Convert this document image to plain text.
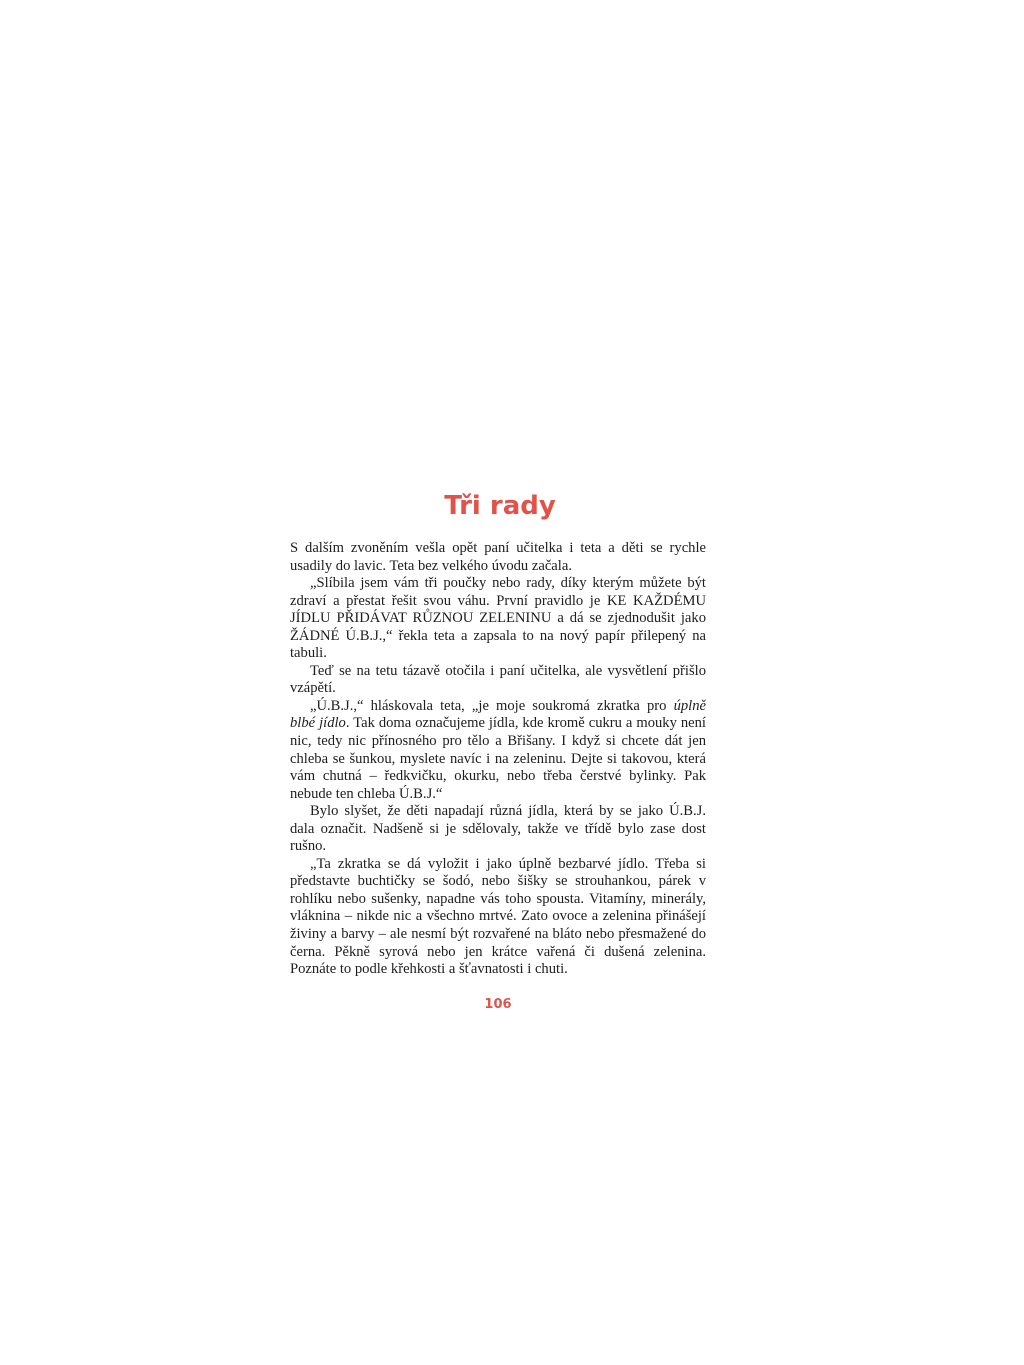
Tři rady

S dalším zvoněním vešla opět paní učitelka i teta a děti se rychle usadily do lavic. Teta bez velkého úvodu začala.

„Slíbila jsem vám tři poučky nebo rady, díky kterým můžete být zdraví a přestat řešit svou váhu. První pravidlo je KE KAŽDÉMU JÍDLU PŘIDÁVAT RŮZNOU ZELENINU a dá se zjednodušit jako ŽÁDNÉ Ú.B.J.,“ řekla teta a zapsala to na nový papír přilepený na tabuli.

Teď se na tetu tázavě otočila i paní učitelka, ale vysvětlení přišlo vzápětí.

„Ú.B.J.,“ hláskovala teta, „je moje soukromá zkratka pro úplně blbé jídlo. Tak doma označujeme jídla, kde kromě cukru a mouky není nic, tedy nic přínosného pro tělo a Břišany. I když si chcete dát jen chleba se šunkou, myslete navíc i na zeleninu. Dejte si takovou, která vám chutná – ředkvičku, okurku, nebo třeba čerstvé bylinky. Pak nebude ten chleba Ú.B.J.“

Bylo slyšet, že děti napadají různá jídla, která by se jako Ú.B.J. dala označit. Nadšeně si je sdělovaly, takže ve třídě bylo zase dost rušno.

„Ta zkratka se dá vyložit i jako úplně bezbarvé jídlo. Třeba si představte buchtičky se šodó, nebo šišky se strouhankou, párek v rohlíku nebo sušenky, napadne vás toho spousta. Vitamíny, minerály, vláknina – nikde nic a všechno mrtvé. Zato ovoce a zelenina přinášejí živiny a barvy – ale nesmí být rozvařené na bláto nebo přesmažené do černa. Pěkně syrová nebo jen krátce vařená či dušená zelenina. Poznáte to podle křehkosti a šťavnatosti i chuti.

106
